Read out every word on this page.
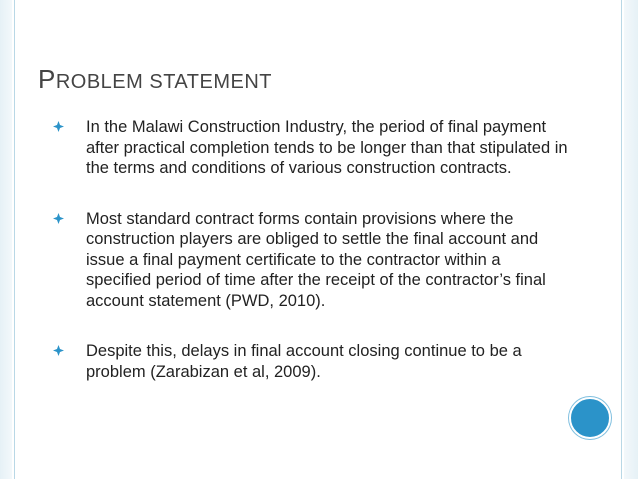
PROBLEM STATEMENT
In the Malawi Construction Industry, the period of final payment after practical completion tends to be longer than that stipulated in the terms and conditions of various construction contracts.
Most standard contract forms contain provisions where the construction players are obliged to settle the final account and issue a final payment certificate to the contractor within a specified period of time after the receipt of the contractor’s final account statement (PWD, 2010).
Despite this, delays in final account closing continue to be a problem (Zarabizan et al, 2009).
